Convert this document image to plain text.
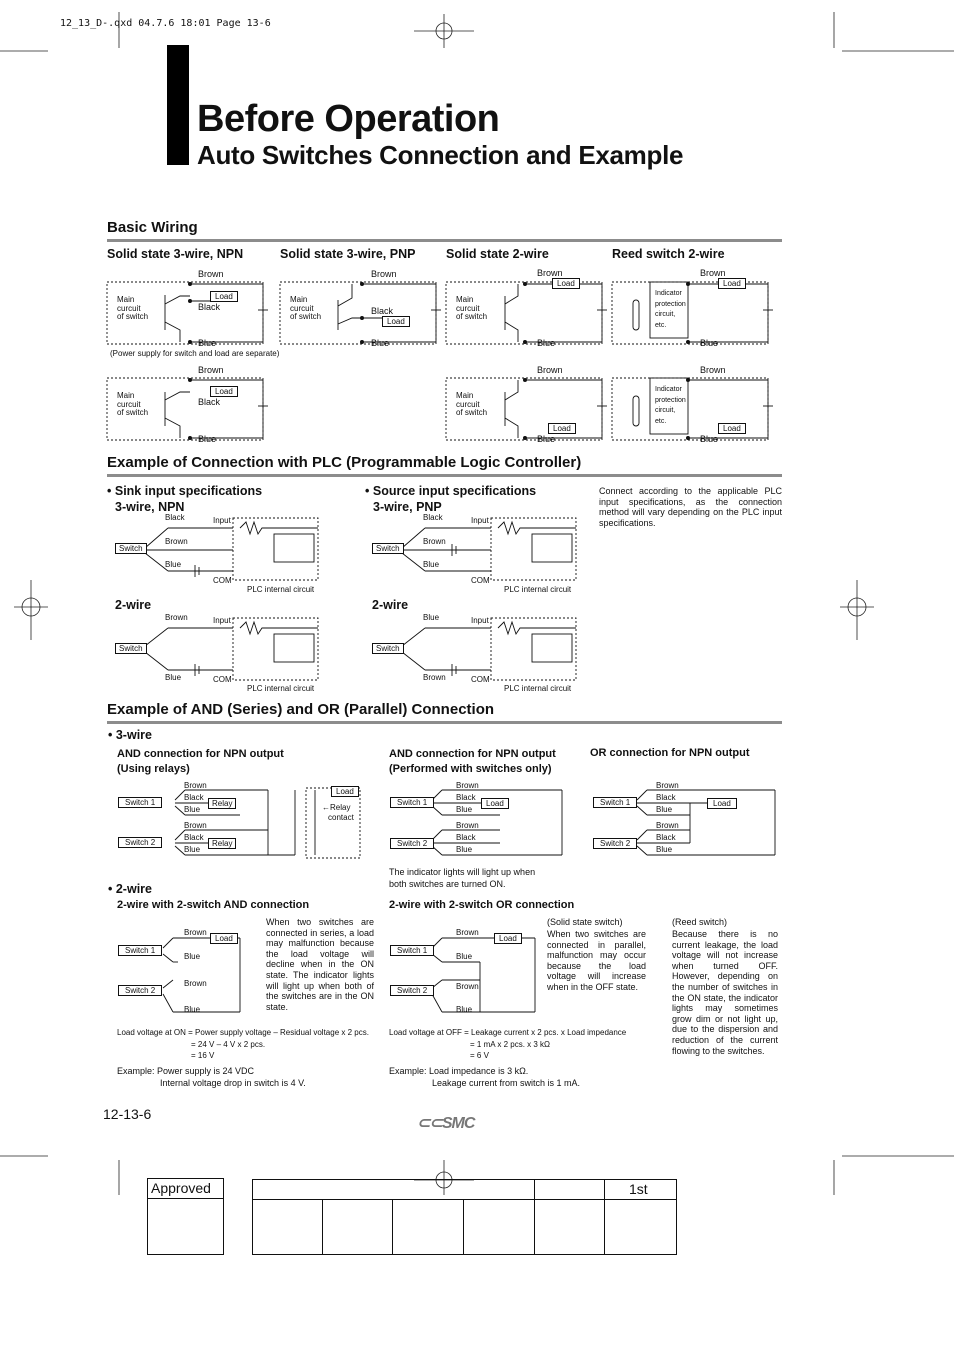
12_13_D-.qxd 04.7.6 18:01 Page 13-6
Before Operation
Auto Switches Connection and Example
Basic Wiring
Solid state 3-wire, NPN	Solid state 3-wire, PNP Solid state 2-wire	Reed switch 2-wire
Brown
Black
Blue
Load
Main
curcuit
of switch
Brown
Black
Blue
Load
Main
curcuit
of switch
Brown
Blue
Load
Main
curcuit
of switch
Brown
Blue
Load
Indicator
protection
circuit,
etc.
(Power supply for switch and load are separate)
Brown
Black
Blue
Load
Main
curcuit
of switch
Brown
Blue
Load
Main
curcuit
of switch
Brown
Blue
Load
Indicator
protection
circuit,
etc.
Example of Connection with PLC (Programmable Logic Controller)
• Sink input specifications
3-wire, NPN
• Source input specifications
3-wire, PNP
Connect according to the applicable PLC input specifications, as the connection method will vary depending on the PLC input specifications.
2-wire	2-wire
Switch
Black
Brown
Blue
Input
COM
PLC internal circuit
Switch
Black
Brown
Blue
Input
COM
PLC internal circuit
Switch
Brown
Blue
Input
COM
PLC internal circuit
Switch
Blue
Brown
Input
COM
PLC internal circuit
Example of AND (Series) and OR (Parallel) Connection
• 3-wire
AND connection for NPN output
(Using relays)
AND connection for NPN output
(Performed with switches only)
OR connection for NPN output
Switch 1
Switch 2
Brown
Black
Blue
Relay
Brown
Black
Blue
Relay
Load
←Relay
contact
Switch 1
Switch 2
Brown
Black
Blue
Load
Brown
Black
Blue
The indicator lights will light up when
both switches are turned ON.
Switch 1
Switch 2
Brown
Black
Blue
Load
Brown
Black
Blue
• 2-wire
2-wire with 2-switch AND connection	2-wire with 2-switch OR connection
Switch 1
Switch 2
Brown
Blue
Brown
Blue
Load
When two switches are connected in series, a load may malfunction because the load voltage will decline when in the ON state. The indicator lights will light up when both of the switches are in the ON state.
Switch 1
Switch 2
Brown
Blue
Brown
Blue
Load
(Solid state switch)
When two switches are connected in parallel, malfunction may occur because the load voltage will increase when in the OFF state.
(Reed switch)
Because there is no current leakage, the load voltage will not increase when turned OFF. However, depending on the number of switches in the ON state, the indicator lights may sometimes grow dim or not light up, due to the dispersion and reduction of the current flowing to the switches.
Load voltage at ON = Power supply voltage – Residual voltage x 2 pcs.
= 24 V – 4 V x 2 pcs.
= 16 V
Example: Power supply is 24 VDC
Internal voltage drop in switch is 4 V.
Load voltage at OFF = Leakage current x 2 pcs. x Load impedance
= 1 mA x 2 pcs. x 3 kΩ
= 6 V
Example: Load impedance is 3 kΩ.
Leakage current from switch is 1 mA.
12-13-6
⊂⊂SMC
Approved	1st
